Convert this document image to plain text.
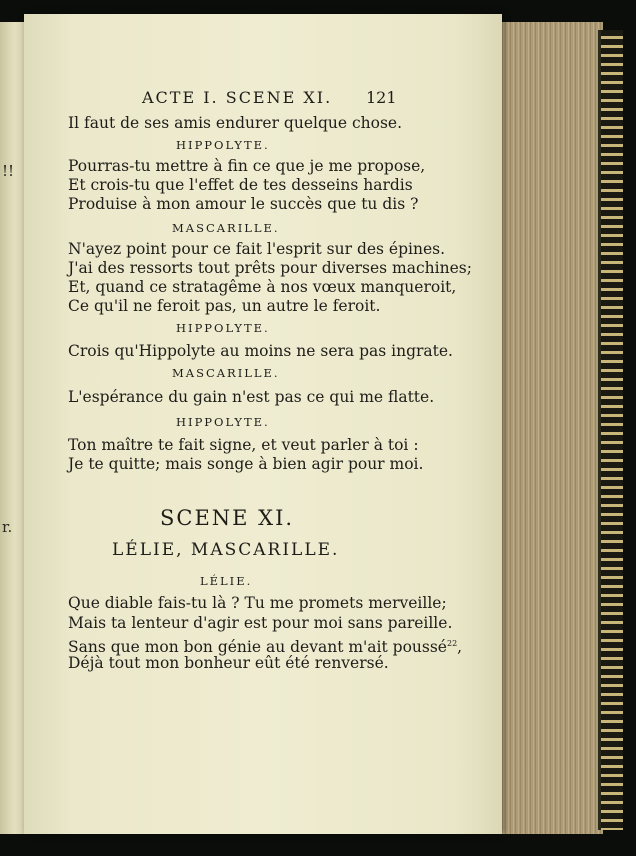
!!
r.
ACTE I. SCENE XI. 121
Il faut de ses amis endurer quelque chose.
HIPPOLYTE.
Pourras-tu mettre à fin ce que je me propose,
Et crois-tu que l'effet de tes desseins hardis
Produise à mon amour le succès que tu dis ?
MASCARILLE.
N'ayez point pour ce fait l'esprit sur des épines.
J'ai des ressorts tout prêts pour diverses machines;
Et, quand ce stratagême à nos vœux manqueroit,
Ce qu'il ne feroit pas, un autre le feroit.
HIPPOLYTE.
Crois qu'Hippolyte au moins ne sera pas ingrate.
MASCARILLE.
L'espérance du gain n'est pas ce qui me flatte.
HIPPOLYTE.
Ton maître te fait signe, et veut parler à toi :
Je te quitte; mais songe à bien agir pour moi.
SCENE XI.
LÉLIE, MASCARILLE.
LÉLIE.
Que diable fais-tu là ? Tu me promets merveille;
Mais ta lenteur d'agir est pour moi sans pareille.
Sans que mon bon génie au devant m'ait poussé$^{22}$,
Déjà tout mon bonheur eût été renversé.
